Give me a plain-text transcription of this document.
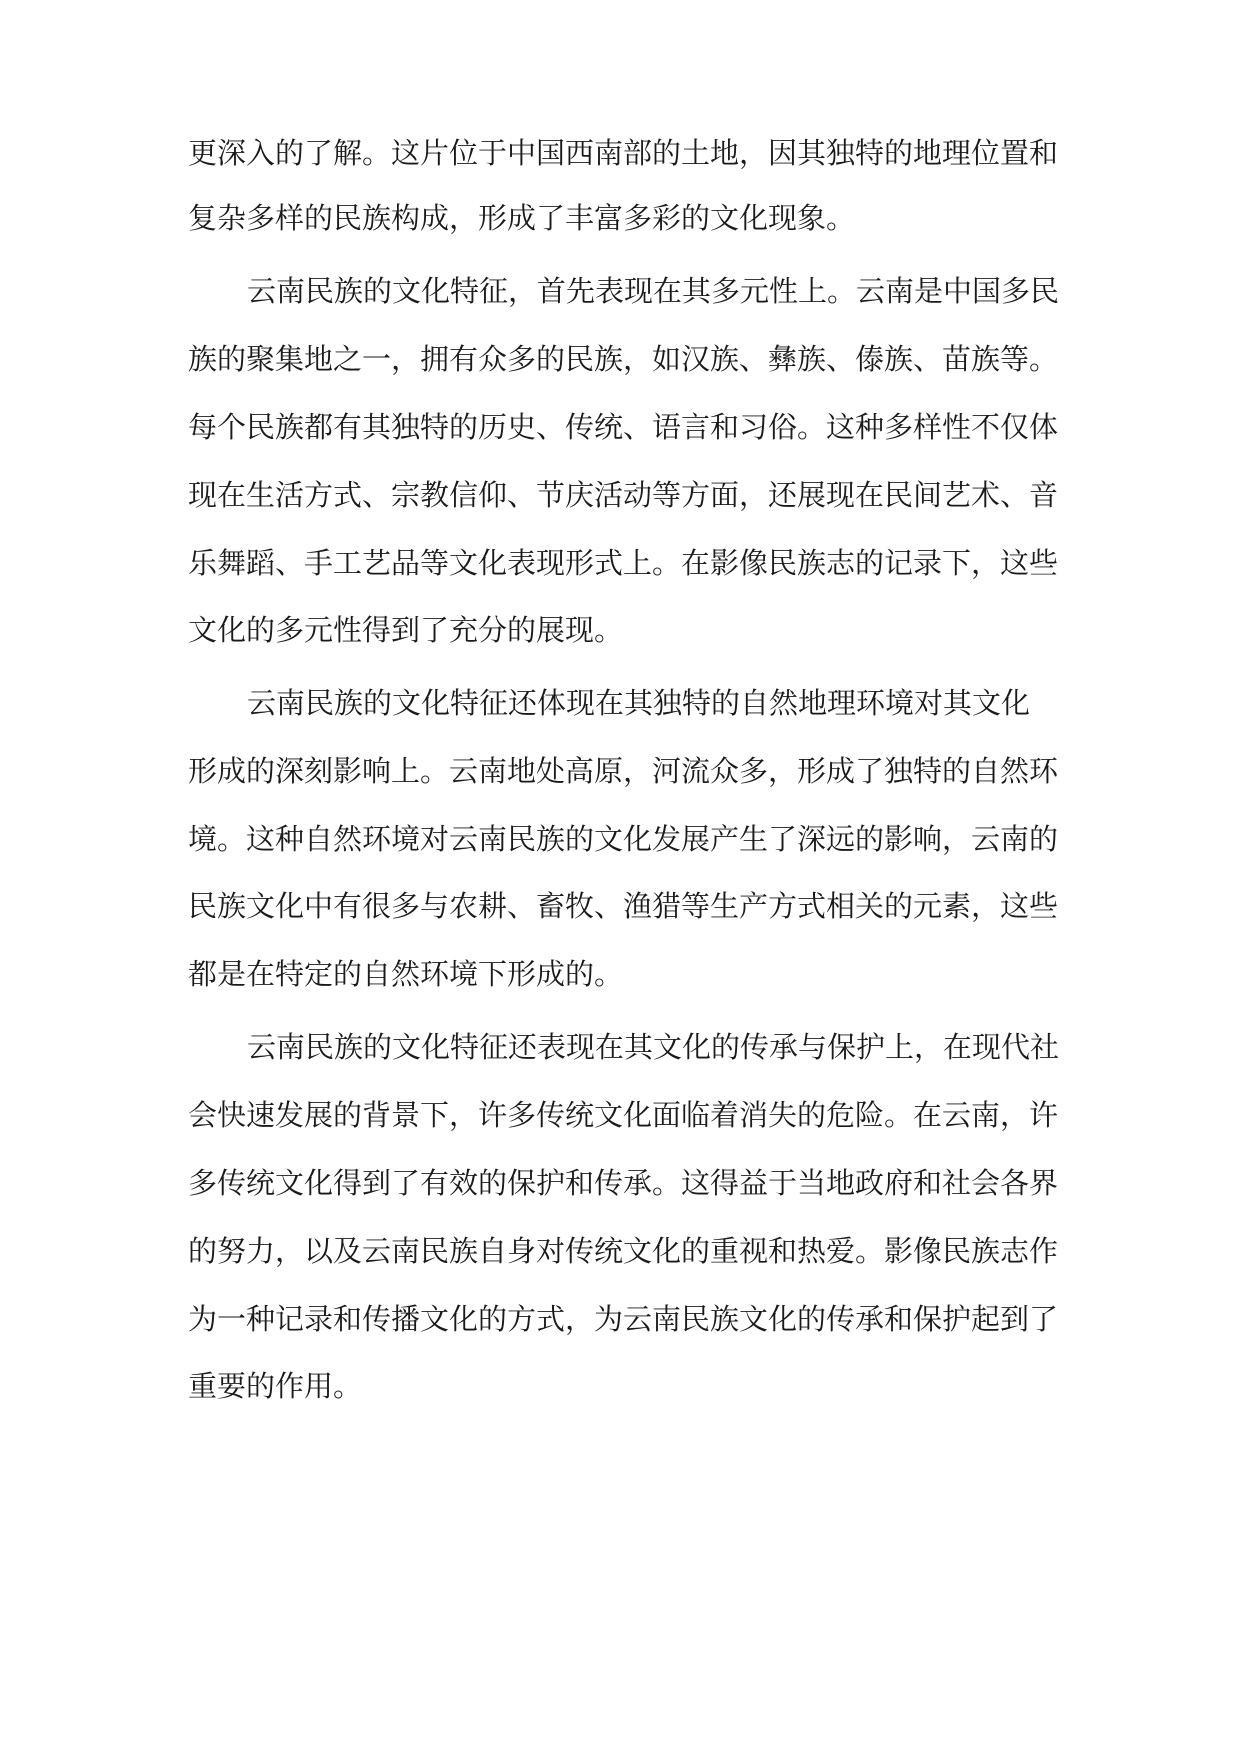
更深入的了解。这片位于中国西南部的土地，因其独特的地理位置和
复杂多样的民族构成，形成了丰富多彩的文化现象。
云南民族的文化特征，首先表现在其多元性上。云南是中国多民
族的聚集地之一，拥有众多的民族，如汉族、彝族、傣族、苗族等。
每个民族都有其独特的历史、传统、语言和习俗。这种多样性不仅体
现在生活方式、宗教信仰、节庆活动等方面，还展现在民间艺术、音
乐舞蹈、手工艺品等文化表现形式上。在影像民族志的记录下，这些
文化的多元性得到了充分的展现。
云南民族的文化特征还体现在其独特的自然地理环境对其文化
形成的深刻影响上。云南地处高原，河流众多，形成了独特的自然环
境。这种自然环境对云南民族的文化发展产生了深远的影响，云南的
民族文化中有很多与农耕、畜牧、渔猎等生产方式相关的元素，这些
都是在特定的自然环境下形成的。
云南民族的文化特征还表现在其文化的传承与保护上，在现代社
会快速发展的背景下，许多传统文化面临着消失的危险。在云南，许
多传统文化得到了有效的保护和传承。这得益于当地政府和社会各界
的努力，以及云南民族自身对传统文化的重视和热爱。影像民族志作
为一种记录和传播文化的方式，为云南民族文化的传承和保护起到了
重要的作用。
